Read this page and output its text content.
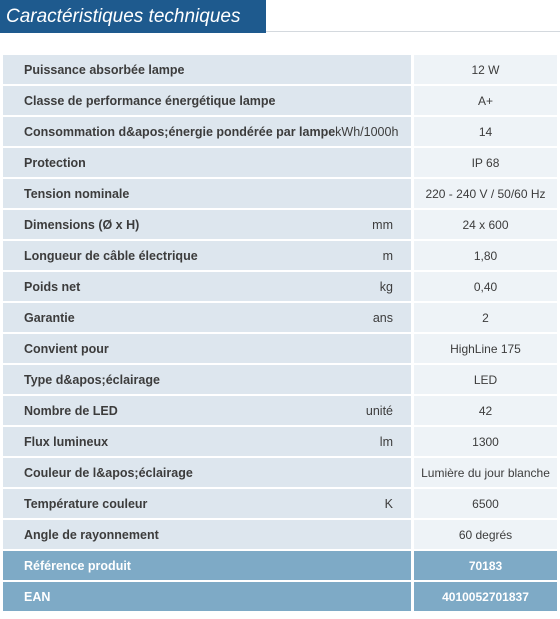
Caractéristiques techniques
Puissance absorbée lampe	12 W
Classe de performance énergétique lampe	A+
Consommation d&apos;énergie pondérée par lampe kWh/1000h	14
Protection	IP 68
Tension nominale	220 - 240 V / 50/60 Hz
Dimensions (Ø x H)	mm	24 x 600
Longueur de câble électrique	m	1,80
Poids net	kg	0,40
Garantie	ans	2
Convient pour	HighLine 175
Type d&apos;éclairage	LED
Nombre de LED	unité	42
Flux lumineux	lm	1300
Couleur de l&apos;éclairage	Lumière du jour blanche
Température couleur	K	6500
Angle de rayonnement	60 degrés
Référence produit	70183
EAN	4010052701837
